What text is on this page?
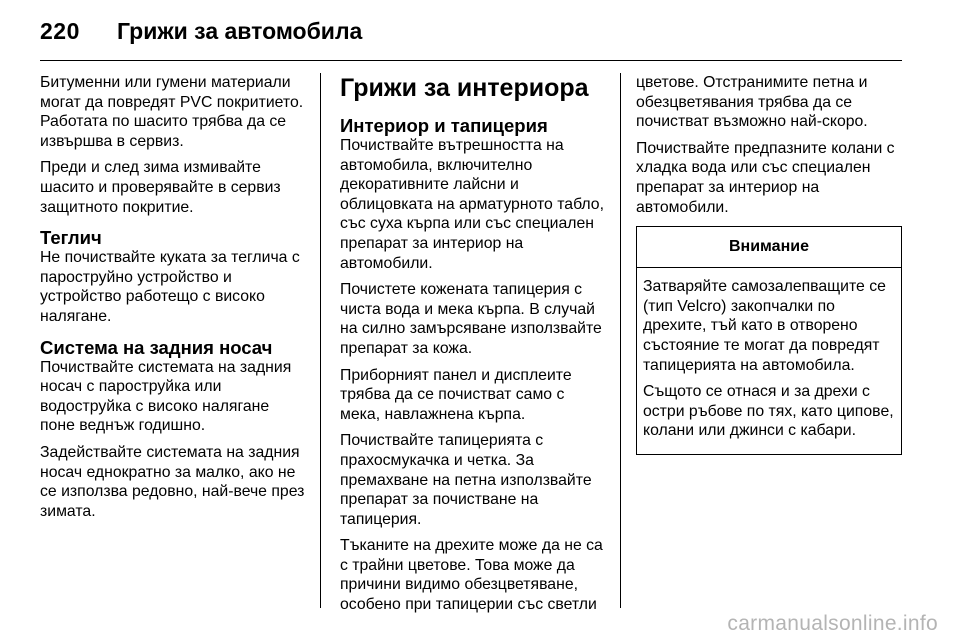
220	Грижи за автомобила

Битуменни или гумени материали могат да повредят PVC покритието. Работата по шасито трябва да се извършва в сервиз.

Преди и след зима измивайте шасито и проверявайте в сервиз защитното покритие.

Теглич

Не почиствайте куката за теглича с пароструйно устройство и устройство работещо с високо налягане.

Система на задния носач

Почиствайте системата на задния носач с пароструйка или водоструйка с високо налягане поне веднъж годишно.

Задействайте системата на задния носач еднократно за малко, ако не се използва редовно, най-вече през зимата.

Грижи за интериора
Интериор и тапицерия

Почиствайте вътрешността на автомобила, включително декоративните лайсни и облицовката на арматурното табло, със суха кърпа или със специален препарат за интериор на автомобили.

Почистете кожената тапицерия с чиста вода и мека кърпа. В случай на силно замърсяване използвайте препарат за кожа.

Приборният панел и дисплеите трябва да се почистват само с мека, навлажнена кърпа.

Почиствайте тапицерията с прахосмукачка и четка. За премахване на петна използвайте препарат за почистване на тапицерия.

Тъканите на дрехите може да не са с трайни цветове. Това може да причини видимо обезцветяване, особено при тапицерии със светли

цветове. Отстранимите петна и обезцветявания трябва да се почистват възможно най-скоро.

Почиствайте предпазните колани с хладка вода или със специален препарат за интериор на автомобили.

Внимание

Затваряйте самозалепващите се (тип Velcro) закопчалки по дрехите, тъй като в отворено състояние те могат да повредят тапицерията на автомобила.

Същото се отнася и за дрехи с остри ръбове по тях, като циповe, колани или джинси с кабари.

carmanualsonline.info
